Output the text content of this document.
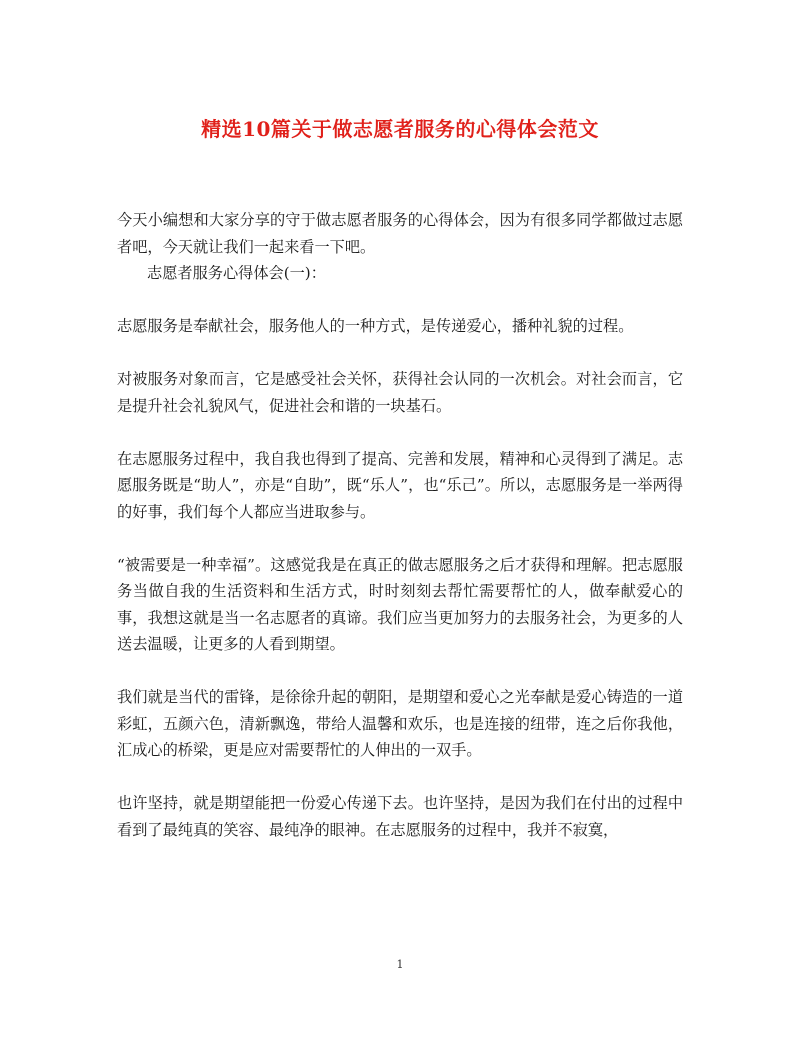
精选10篇关于做志愿者服务的心得体会范文

今天小编想和大家分享的守于做志愿者服务的心得体会，因为有很多同学都做过志愿者吧，今天就让我们一起来看一下吧。

志愿者服务心得体会(一)：

志愿服务是奉献社会，服务他人的一种方式，是传递爱心，播种礼貌的过程。

对被服务对象而言，它是感受社会关怀，获得社会认同的一次机会。对社会而言，它是提升社会礼貌风气，促进社会和谐的一块基石。

在志愿服务过程中，我自我也得到了提高、完善和发展，精神和心灵得到了满足。志愿服务既是“助人”，亦是“自助”，既“乐人”，也“乐己”。所以，志愿服务是一举两得的好事，我们每个人都应当进取参与。

“被需要是一种幸福”。这感觉我是在真正的做志愿服务之后才获得和理解。把志愿服务当做自我的生活资料和生活方式，时时刻刻去帮忙需要帮忙的人，做奉献爱心的事，我想这就是当一名志愿者的真谛。我们应当更加努力的去服务社会，为更多的人送去温暖，让更多的人看到期望。

我们就是当代的雷锋，是徐徐升起的朝阳，是期望和爱心之光奉献是爱心铸造的一道彩虹，五颜六色，清新飘逸，带给人温馨和欢乐，也是连接的纽带，连之后你我他，汇成心的桥梁，更是应对需要帮忙的人伸出的一双手。

也许坚持，就是期望能把一份爱心传递下去。也许坚持，是因为我们在付出的过程中看到了最纯真的笑容、最纯净的眼神。在志愿服务的过程中，我并不寂寞，

1
